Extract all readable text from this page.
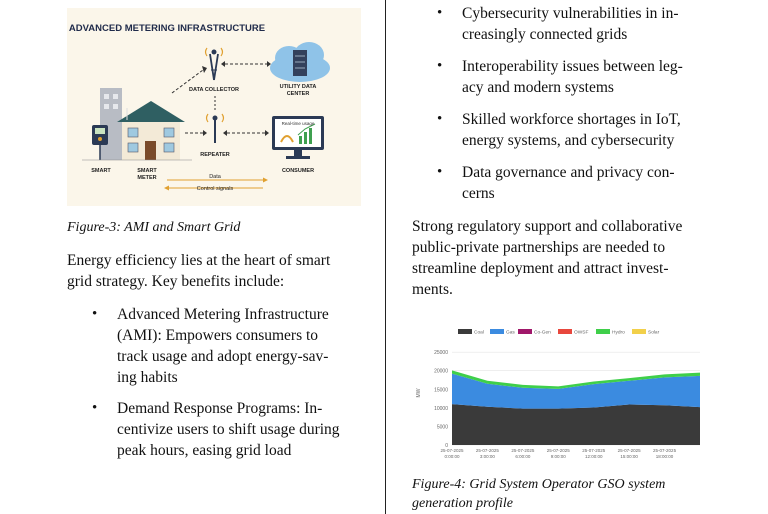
ADVANCED METERING INFRASTRUCTURE
UTILITY DATA
CENTER
DATA COLLECTOR
REPEATER
Real-time usage
CONSUMER
SMART	SMART
METER	Data
Control signals
Figure-3: AMI and Smart Grid
Energy efficiency lies at the heart of smart
grid strategy. Key benefits include:
• Advanced Metering Infrastructure
(AMI): Empowers consumers to
track usage and adopt energy-sav-
ing habits
• Demand Response Programs: In-
centivize users to shift usage during
peak hours, easing grid load
• Cybersecurity vulnerabilities in in-
creasingly connected grids
• Interoperability issues between leg-
acy and modern systems
• Skilled workforce shortages in IoT,
energy systems, and cybersecurity
• Data governance and privacy con-
cerns
Strong regulatory support and collaborative
public-private partnerships are needed to
streamline deployment and attract invest-
ments.
0
5000
10000
15000
20000
25000
MW
25-07-2025
0:00:00
25-07-2025
3:00:00
25-07-2025
6:00:00
25-07-2025
9:00:00
25-07-2025
12:00:00
25-07-2025
15:00:00
25-07-2025
18:00:00
Coal	Gas	Co-Gen	OWSF	Hydro	Solar
Figure-4: Grid System Operator GSO system
generation profile
